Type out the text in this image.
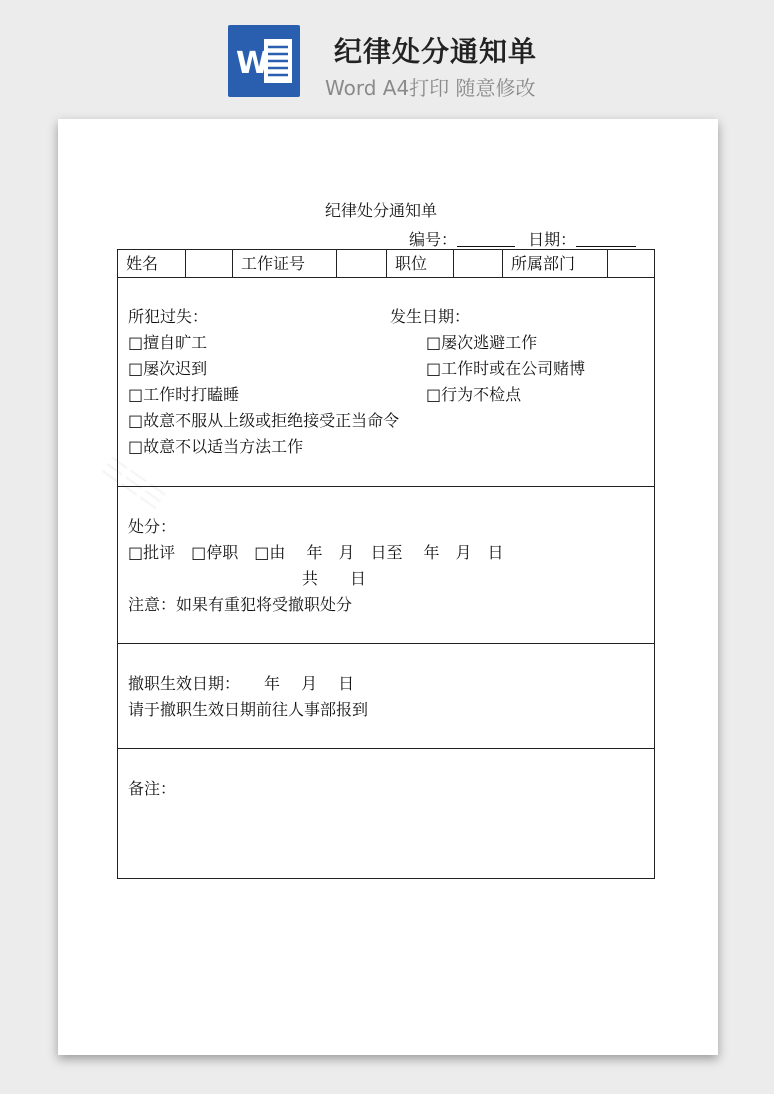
W 纪律处分通知单
Word A4打印 随意修改
纪律处分通知单
编号：	日期：
姓名	工作证号	职位	所属部门
所犯过失：	发生日期：
□擅自旷工
□屡次迟到
□工作时打瞌睡
□故意不服从上级或拒绝接受正当命令
□故意不以适当方法工作
□屡次逃避工作
□工作时或在公司赌博
□行为不检点
处分：
□批评　□停职　□由　 年　月　日至　 年　月　日
共　　日
注意：如果有重犯将受撤职处分
撤职生效日期：　　年　 月　 日
请于撤职生效日期前往人事部报到
备注：
